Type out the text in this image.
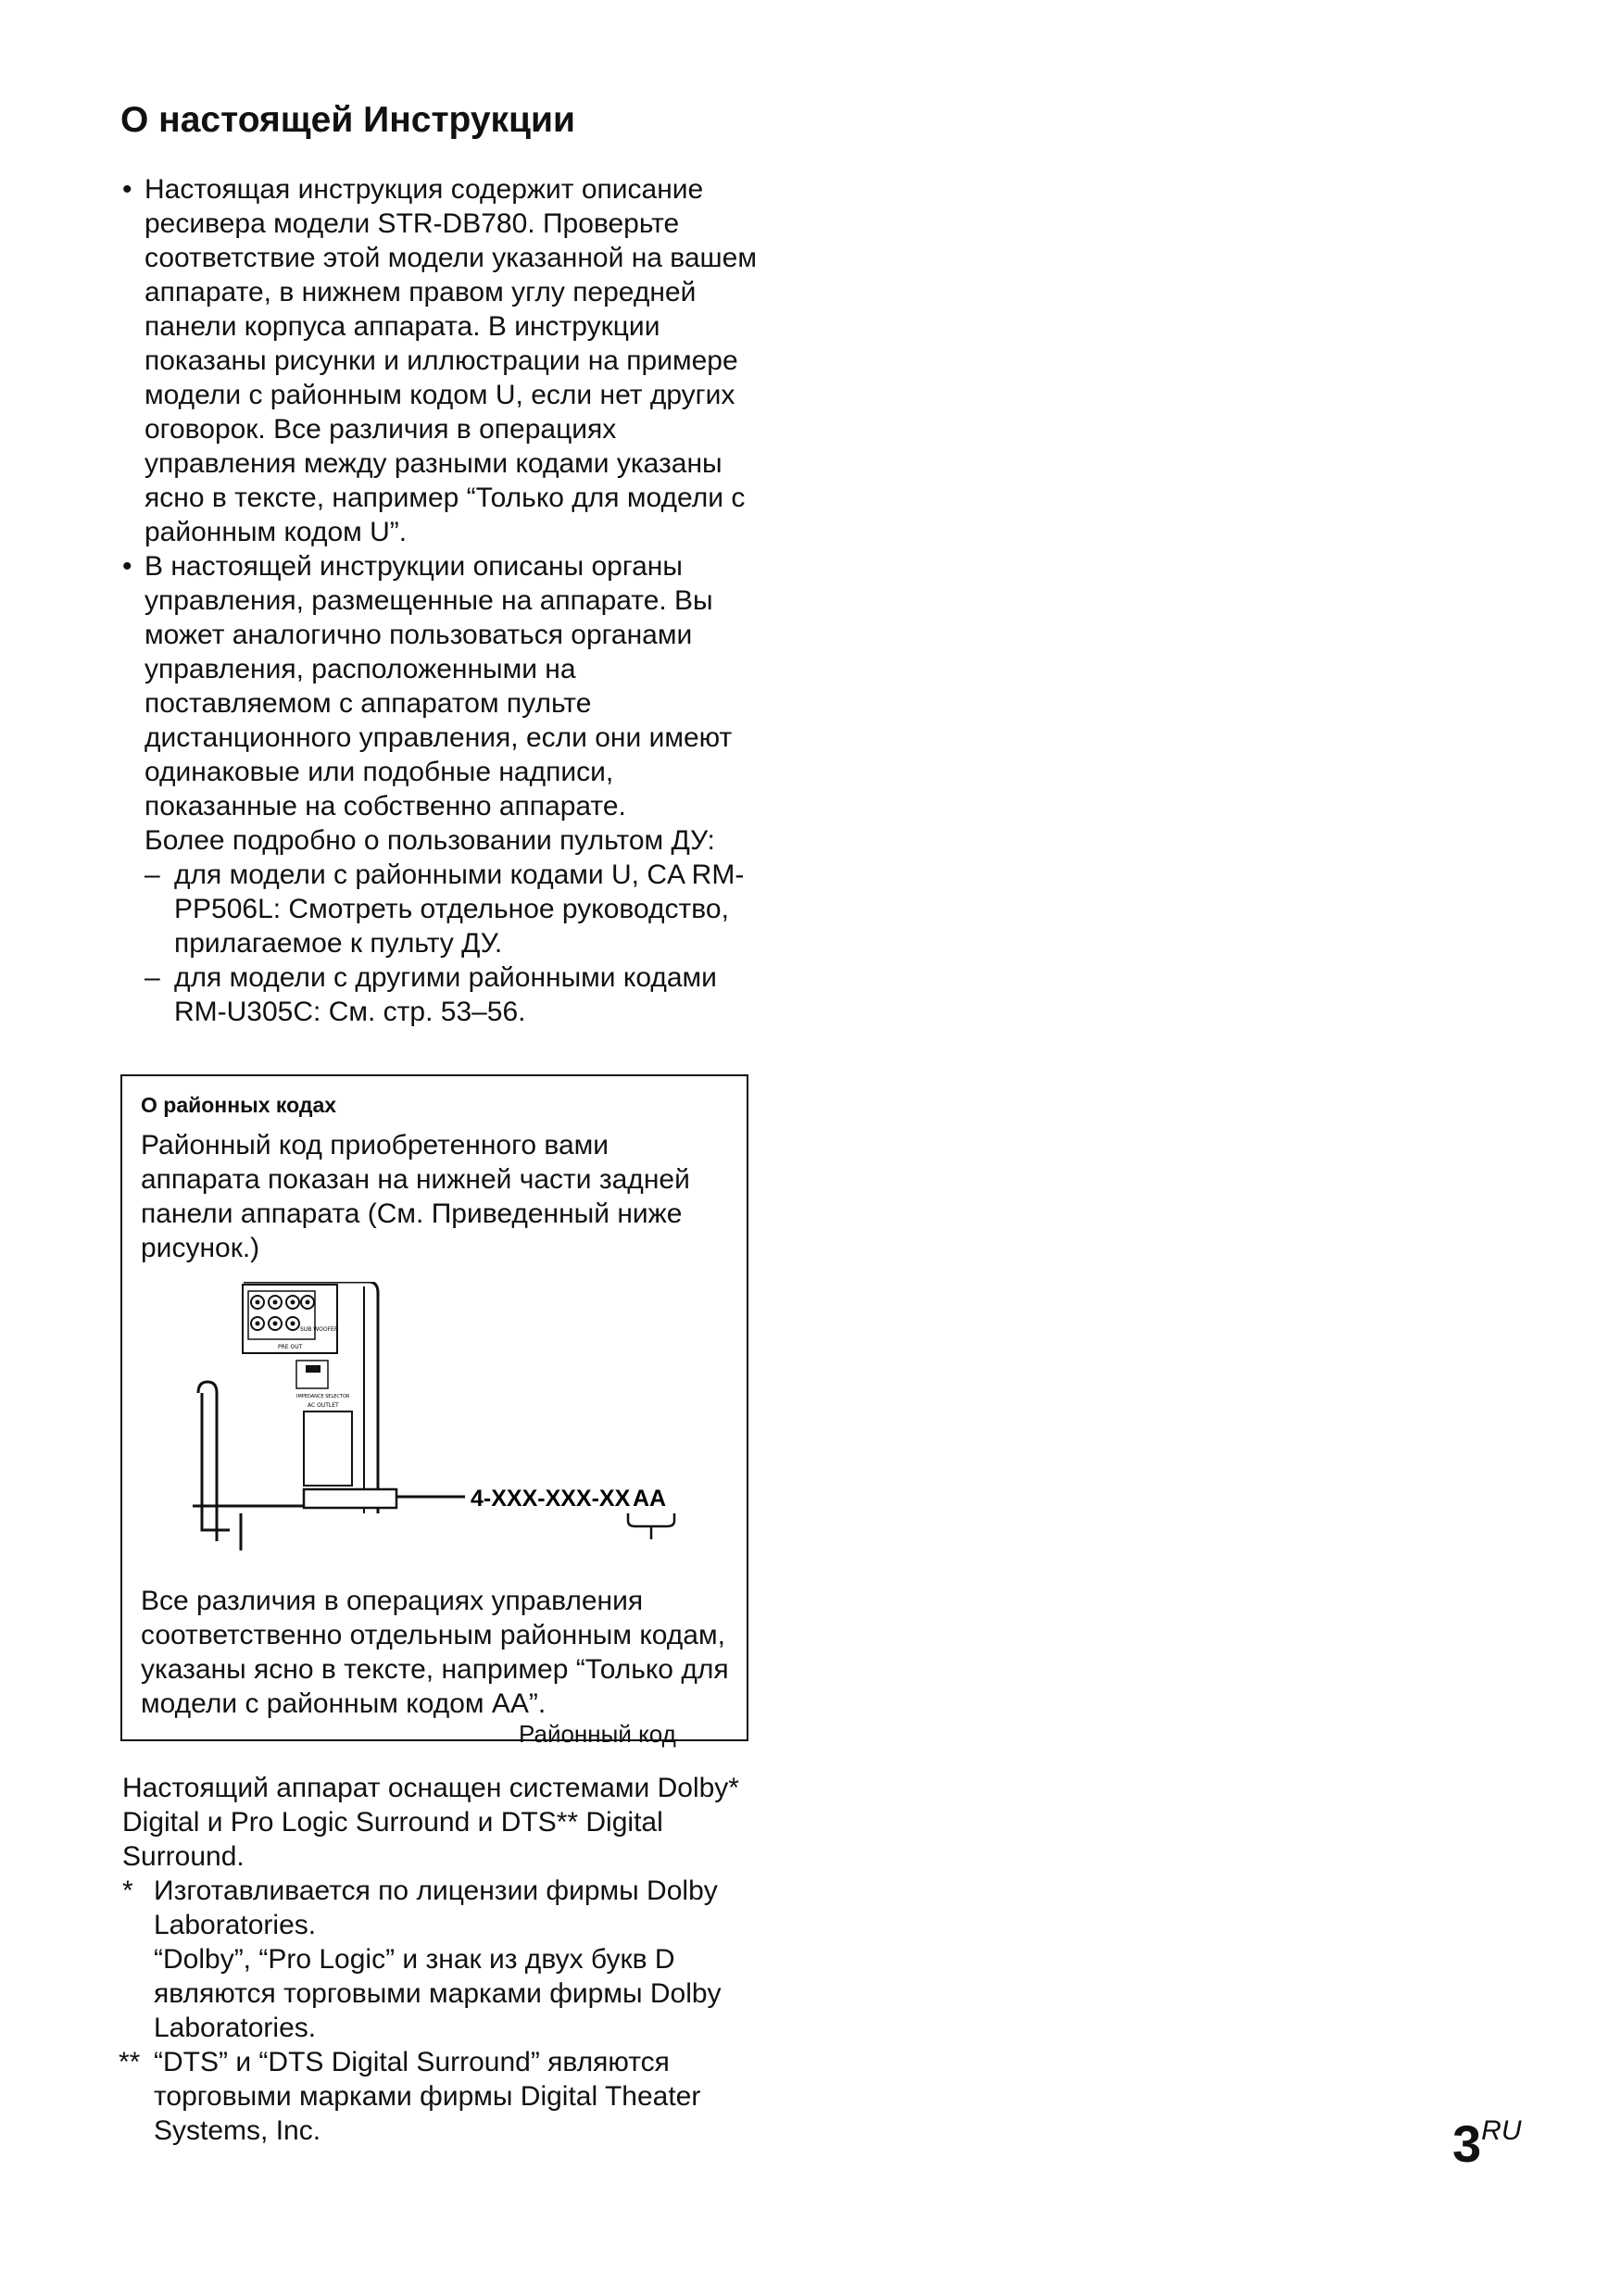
О настоящей Инструкции
• Настоящая инструкция содержит описание ресивера модели STR-DB780. Проверьте соответствие этой модели указанной на вашем аппарате, в нижнем правом углу передней панели корпуса аппарата. В инструкции показаны рисунки и иллюстрации на примере модели с районным кодом U, если нет других оговорок. Все различия в операциях управления между разными кодами указаны ясно в тексте, например “Только для модели с районным кодом U”.
• В настоящей инструкции описаны органы управления, размещенные на аппарате. Вы может аналогично пользоваться органами управления, расположенными на поставляемом с аппаратом пульте дистанционного управления, если они имеют одинаковые или подобные надписи, показанные на собственно аппарате.
Более подробно о пользовании пультом ДУ:
– для модели с районными кодами U, CA RM-PP506L: Смотреть отдельное руководство, прилагаемое к пульту ДУ.
– для модели с другими районными кодами RM-U305C: См. стр. 53–56.
О районных кодах
Районный код приобретенного вами аппарата показан на нижней части задней панели аппарата (См. Приведенный ниже рисунок.)
SUB WOOFER
PRE OUT
IMPEDANCE SELECTOR
AC OUTLET
4-XXX-XXX-XX AA
Районный код
Все различия в операциях управления соответственно отдельным районным кодам, указаны ясно в тексте, например “Только для модели с районным кодом AA”.
Настоящий аппарат оснащен системами Dolby* Digital и Pro Logic Surround и DTS** Digital Surround.
* Изготавливается по лицензии фирмы Dolby Laboratories.
“Dolby”, “Pro Logic” и знак из двух букв D являются торговыми марками фирмы Dolby Laboratories.
** “DTS” и “DTS Digital Surround” являются торговыми марками фирмы Digital Theater Systems, Inc.	$3^{RU}$
